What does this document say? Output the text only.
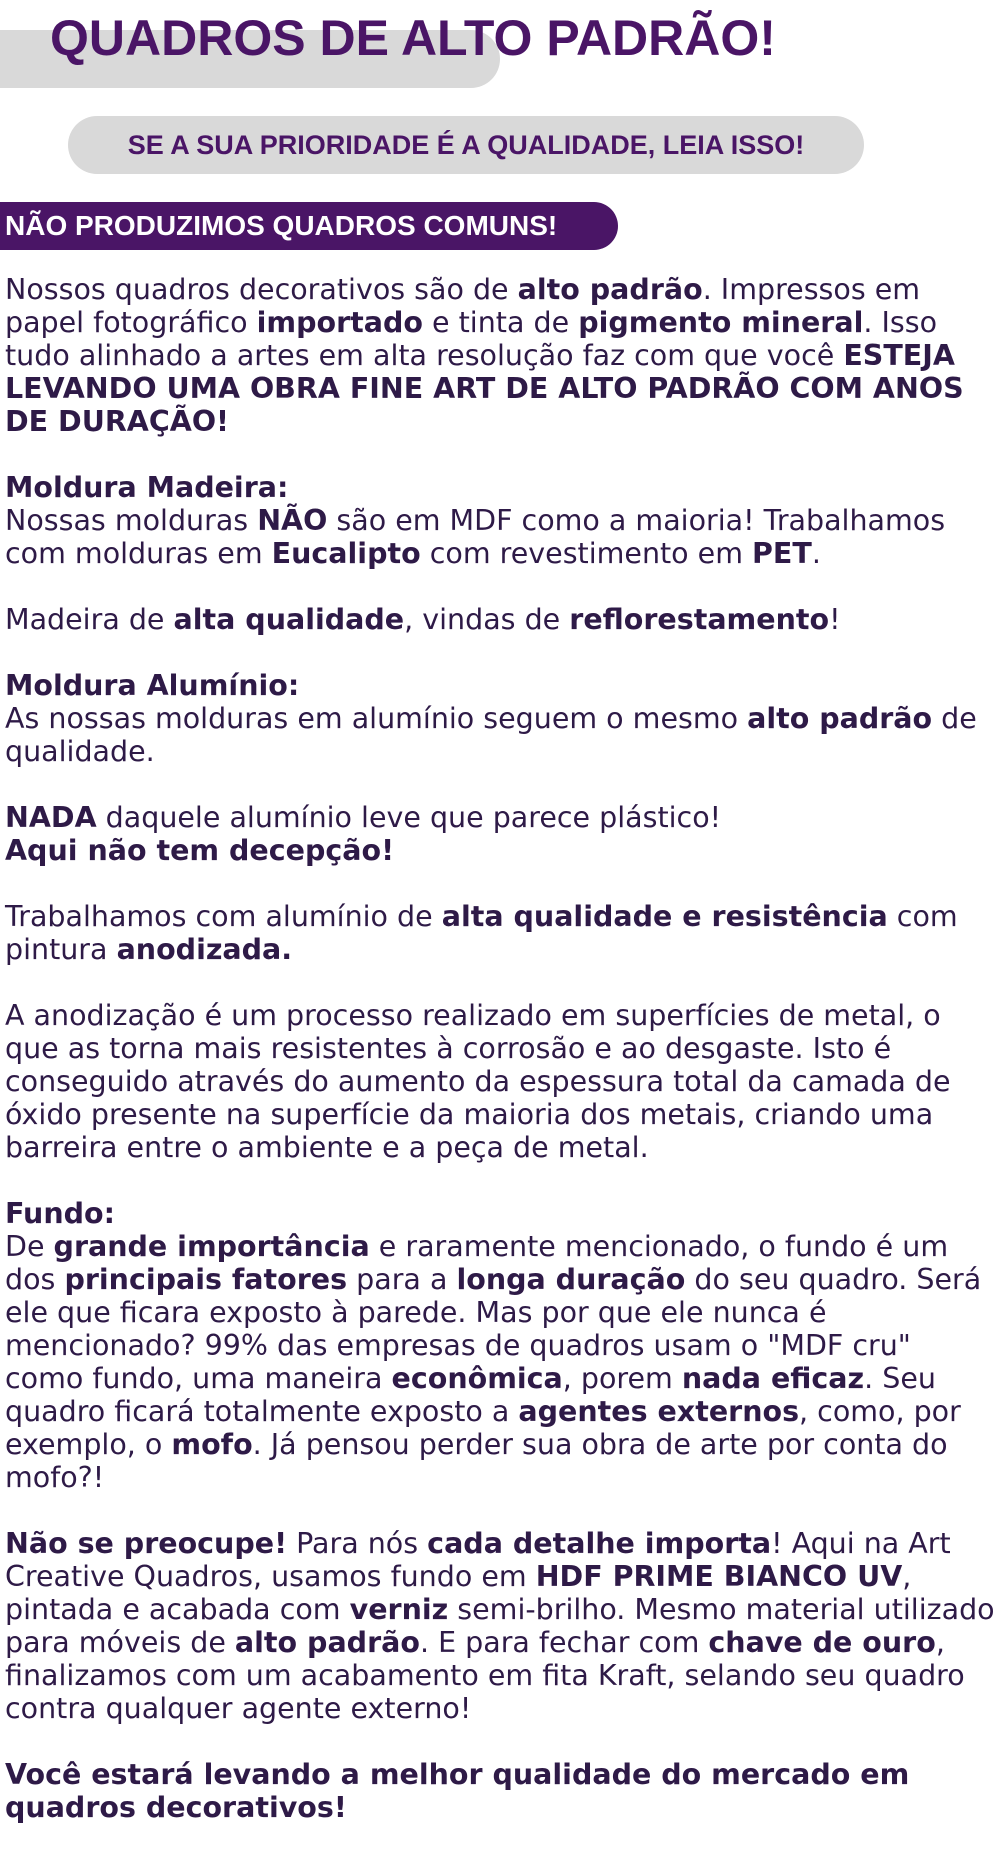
QUADROS DE ALTO PADRÃO!
SE A SUA PRIORIDADE É A QUALIDADE, LEIA ISSO!
NÃO PRODUZIMOS QUADROS COMUNS!

Nossos quadros decorativos são de alto padrão. Impressos em papel fotográfico importado e tinta de pigmento mineral. Isso tudo alinhado a artes em alta resolução faz com que você ESTEJA LEVANDO UMA OBRA FINE ART DE ALTO PADRÃO COM ANOS DE DURAÇÃO!

Moldura Madeira:
Nossas molduras NÃO são em MDF como a maioria! Trabalhamos com molduras em Eucalipto com revestimento em PET.

Madeira de alta qualidade, vindas de reflorestamento!

Moldura Alumínio:
As nossas molduras em alumínio seguem o mesmo alto padrão de qualidade.

NADA daquele alumínio leve que parece plástico!
Aqui não tem decepção!

Trabalhamos com alumínio de alta qualidade e resistência com pintura anodizada.

A anodização é um processo realizado em superfícies de metal, o que as torna mais resistentes à corrosão e ao desgaste. Isto é conseguido através do aumento da espessura total da camada de óxido presente na superfície da maioria dos metais, criando uma barreira entre o ambiente e a peça de metal.

Fundo:
De grande importância e raramente mencionado, o fundo é um dos principais fatores para a longa duração do seu quadro. Será ele que ficara exposto à parede. Mas por que ele nunca é mencionado? 99% das empresas de quadros usam o "MDF cru" como fundo, uma maneira econômica, porem nada eficaz. Seu quadro ficará totalmente exposto a agentes externos, como, por exemplo, o mofo. Já pensou perder sua obra de arte por conta do mofo?!

Não se preocupe! Para nós cada detalhe importa! Aqui na Art Creative Quadros, usamos fundo em HDF PRIME BIANCO UV, pintada e acabada com verniz semi-brilho. Mesmo material utilizado para móveis de alto padrão. E para fechar com chave de ouro, finalizamos com um acabamento em fita Kraft, selando seu quadro contra qualquer agente externo!

Você estará levando a melhor qualidade do mercado em quadros decorativos!
